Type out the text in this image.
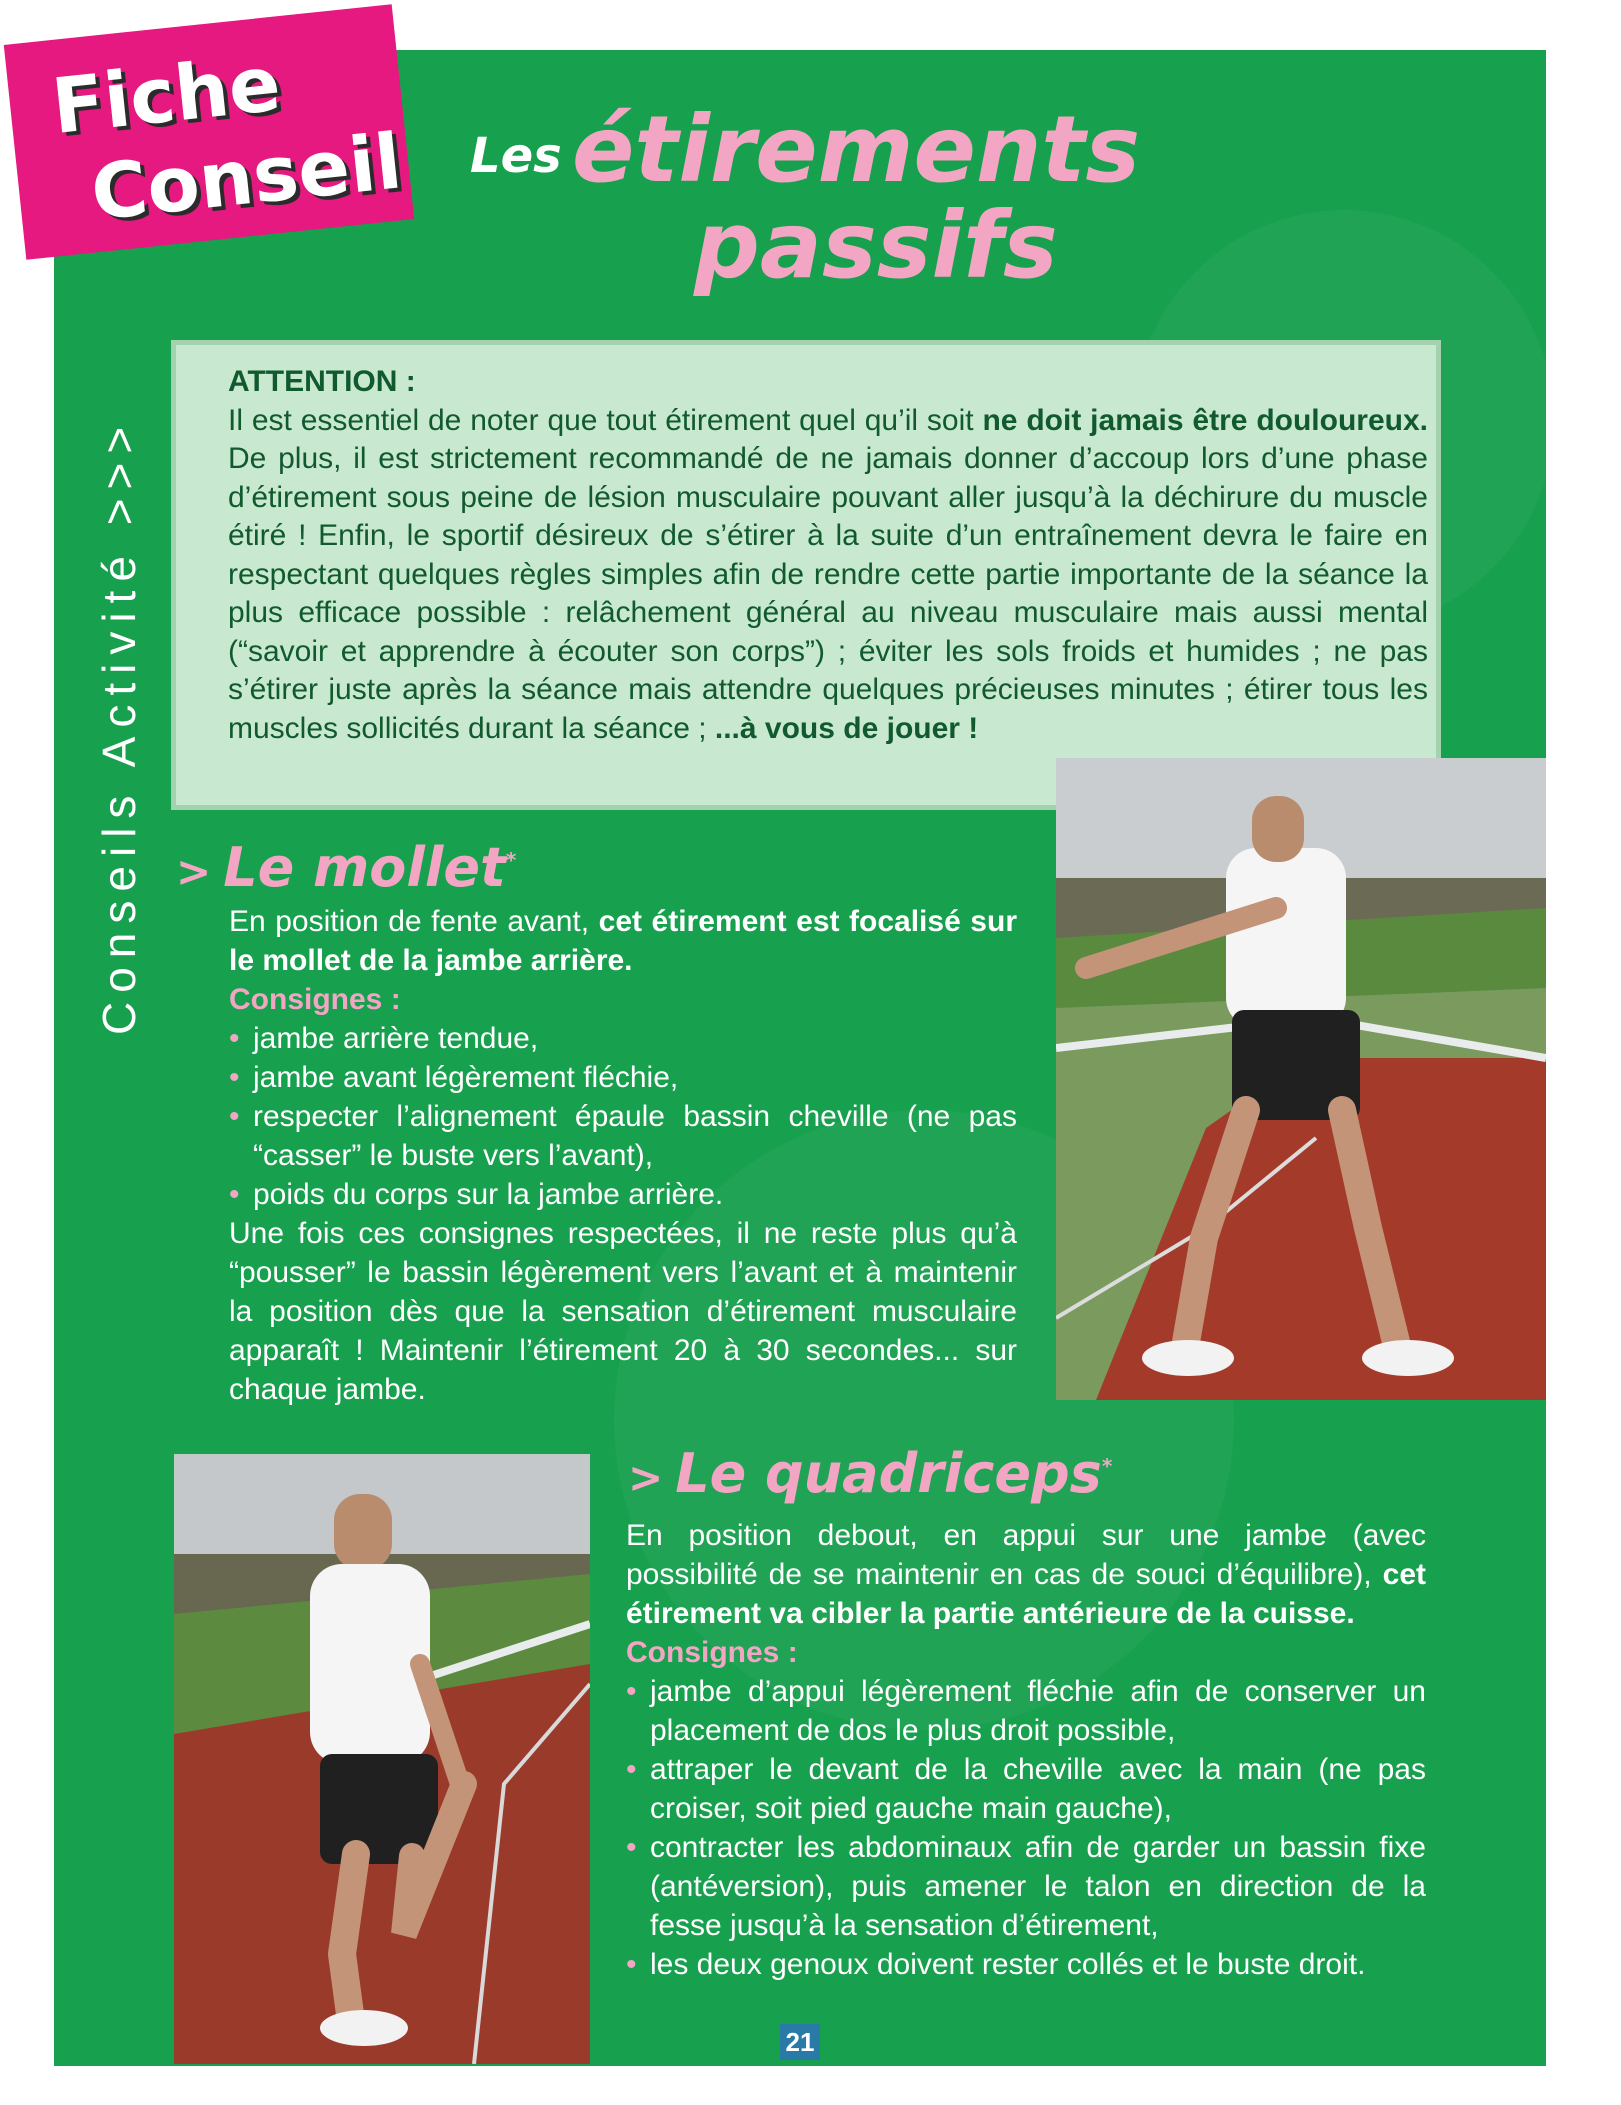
Fiche
Conseil Les étirements
passifs
Conseils Activité >>>
ATTENTION :
Il est essentiel de noter que tout étirement quel qu’il soit ne doit jamais être douloureux. De plus, il est strictement recommandé de ne jamais donner d’accoup lors d’une phase d’étirement sous peine de lésion musculaire pouvant aller jusqu’à la déchirure du muscle étiré ! Enfin, le sportif désireux de s’étirer à la suite d’un entraînement devra le faire en respectant quelques règles simples afin de rendre cette partie importante de la séance la plus efficace possible : relâchement général au niveau musculaire mais aussi mental (“savoir et apprendre à écouter son corps”) ; éviter les sols froids et humides ; ne pas s’étirer juste après la séance mais attendre quelques précieuses minutes ; étirer tous les muscles sollicités durant la séance ; ...à vous de jouer !
> Le mollet*
En position de fente avant, cet étirement est focalisé sur le mollet de la jambe arrière.
Consignes :
• jambe arrière tendue,
• jambe avant légèrement fléchie,
• respecter l’alignement épaule bassin cheville (ne pas “casser” le buste vers l’avant),
• poids du corps sur la jambe arrière.
Une fois ces consignes respectées, il ne reste plus qu’à “pousser” le bassin légèrement vers l’avant et à maintenir la position dès que la sensation d’étirement musculaire apparaît ! Maintenir l’étirement 20 à 30 secondes... sur chaque jambe.
> Le quadriceps*
En position debout, en appui sur une jambe (avec possibilité de se maintenir en cas de souci d’équilibre), cet étirement va cibler la partie antérieure de la cuisse.
Consignes :
• jambe d’appui légèrement fléchie afin de conserver un placement de dos le plus droit possible,
• attraper le devant de la cheville avec la main (ne pas croiser, soit pied gauche main gauche),
• contracter les abdominaux afin de garder un bassin fixe (antéversion), puis amener le talon en direction de la fesse jusqu’à la sensation d’étirement,
• les deux genoux doivent rester collés et le buste droit.
21
